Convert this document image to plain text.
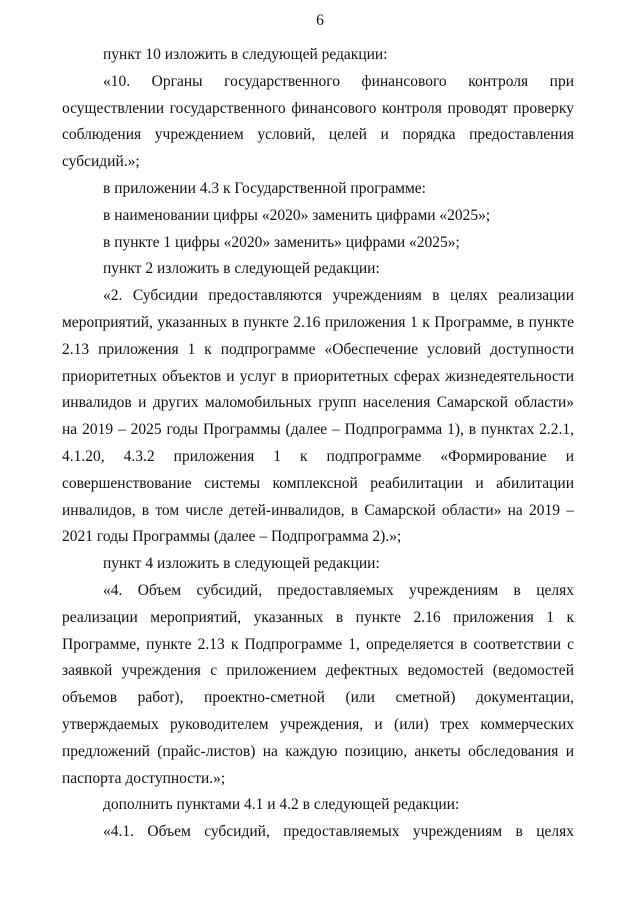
6

пункт 10 изложить в следующей редакции:

«10. Органы государственного финансового контроля при осуществлении государственного финансового контроля проводят проверку соблюдения учреждением условий, целей и порядка предоставления субсидий.»;

в приложении 4.3 к Государственной программе:

в наименовании цифры «2020» заменить цифрами «2025»;

в пункте 1 цифры «2020» заменить» цифрами «2025»;

пункт 2 изложить в следующей редакции:

«2. Субсидии предоставляются учреждениям в целях реализации мероприятий, указанных в пункте 2.16 приложения 1 к Программе, в пункте 2.13 приложения 1 к подпрограмме «Обеспечение условий доступности приоритетных объектов и услуг в приоритетных сферах жизнедеятельности инвалидов и других маломобильных групп населения Самарской области» на 2019 – 2025 годы Программы (далее – Подпрограмма 1), в пунктах 2.2.1, 4.1.20, 4.3.2 приложения 1 к подпрограмме «Формирование и совершенствование системы комплексной реабилитации и абилитации инвалидов, в том числе детей-инвалидов, в Самарской области» на 2019 – 2021 годы Программы (далее – Подпрограмма 2).»;

пункт 4 изложить в следующей редакции:

«4. Объем субсидий, предоставляемых учреждениям в целях реализации мероприятий, указанных в пункте 2.16 приложения 1 к Программе, пункте 2.13 к Подпрограмме 1, определяется в соответствии с заявкой учреждения с приложением дефектных ведомостей (ведомостей объемов работ), проектно-сметной (или сметной) документации, утверждаемых руководителем учреждения, и (или) трех коммерческих предложений (прайс-листов) на каждую позицию, анкеты обследования и паспорта доступности.»;

дополнить пунктами 4.1 и 4.2 в следующей редакции:

«4.1. Объем субсидий, предоставляемых учреждениям в целях
